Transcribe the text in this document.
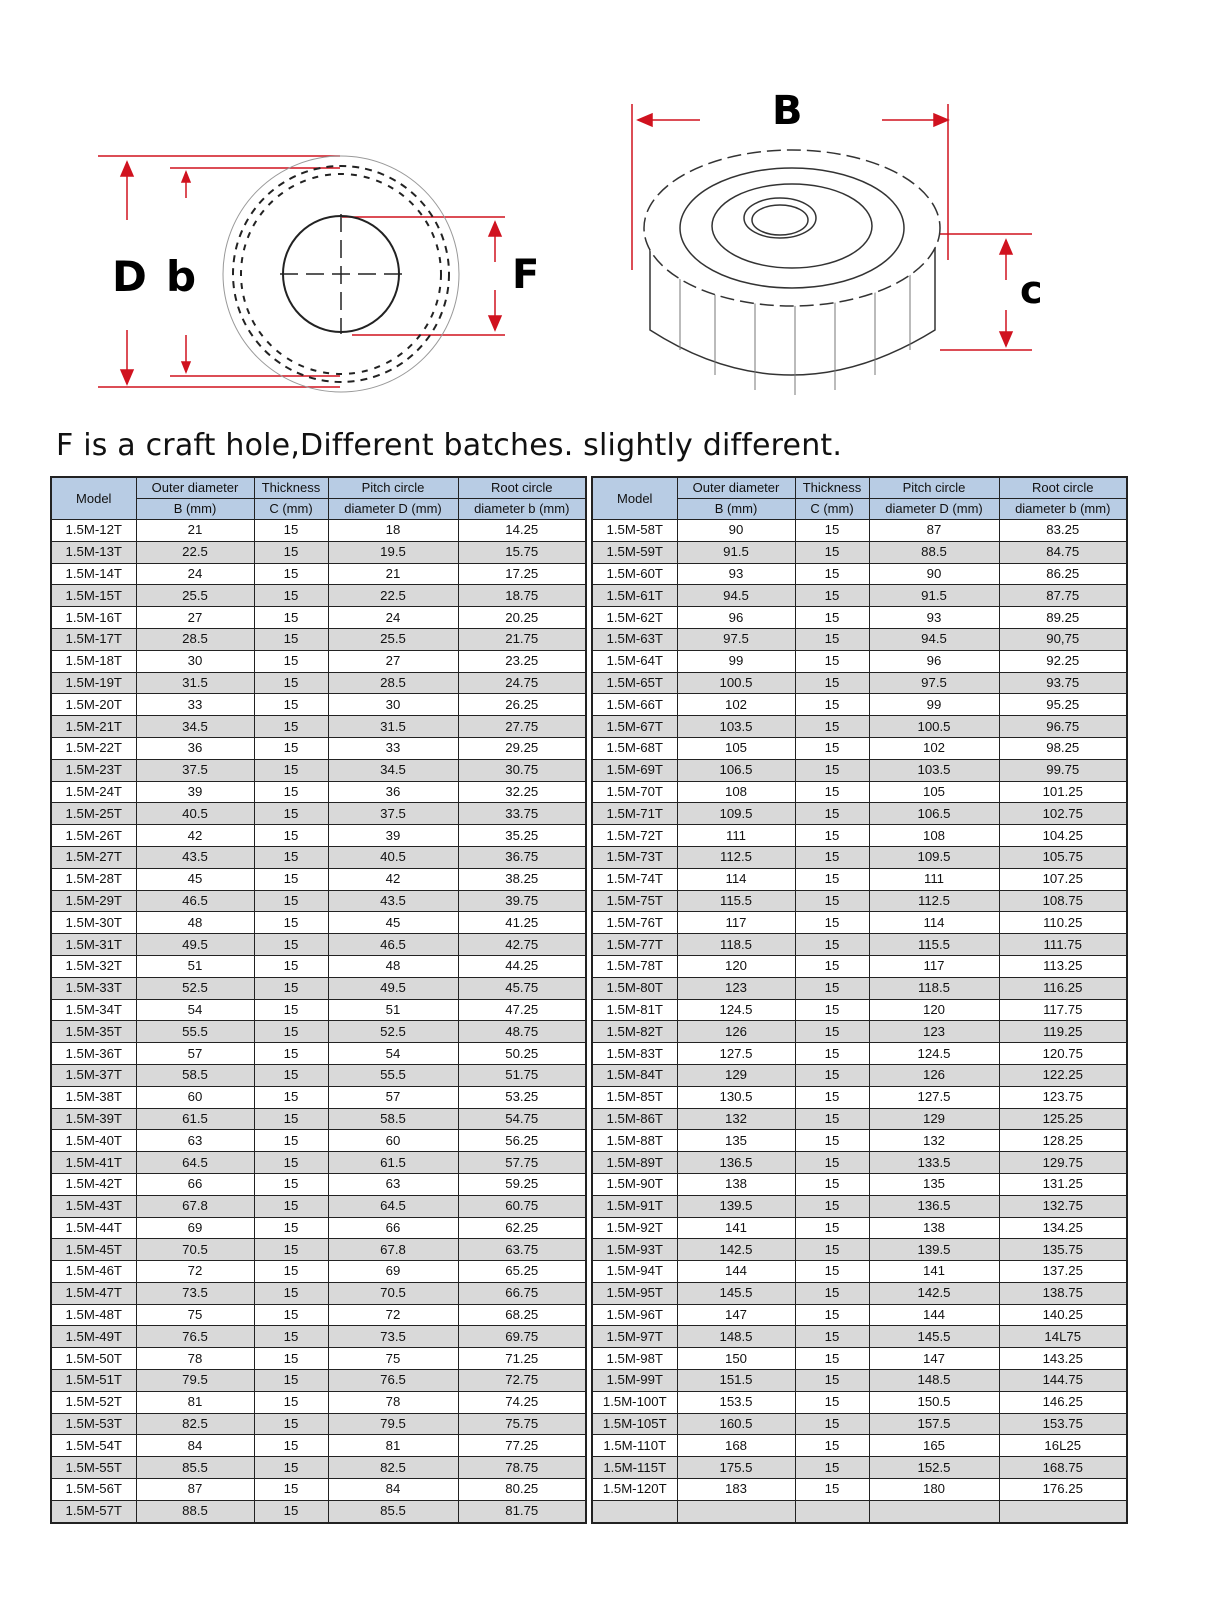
D b	F
B
c
F is a craft hole,Different batches. slightly different.
Model	Outer diameter	Thickness	Pitch circle	Root circle
	B (mm)	C (mm)	diameter D (mm)	diameter b (mm)
1.5M-12T	21	15	18	14.25
1.5M-13T	22.5	15	19.5	15.75
1.5M-14T	24	15	21	17.25
1.5M-15T	25.5	15	22.5	18.75
1.5M-16T	27	15	24	20.25
1.5M-17T	28.5	15	25.5	21.75
1.5M-18T	30	15	27	23.25
1.5M-19T	31.5	15	28.5	24.75
1.5M-20T	33	15	30	26.25
1.5M-21T	34.5	15	31.5	27.75
1.5M-22T	36	15	33	29.25
1.5M-23T	37.5	15	34.5	30.75
1.5M-24T	39	15	36	32.25
1.5M-25T	40.5	15	37.5	33.75
1.5M-26T	42	15	39	35.25
1.5M-27T	43.5	15	40.5	36.75
1.5M-28T	45	15	42	38.25
1.5M-29T	46.5	15	43.5	39.75
1.5M-30T	48	15	45	41.25
1.5M-31T	49.5	15	46.5	42.75
1.5M-32T	51	15	48	44.25
1.5M-33T	52.5	15	49.5	45.75
1.5M-34T	54	15	51	47.25
1.5M-35T	55.5	15	52.5	48.75
1.5M-36T	57	15	54	50.25
1.5M-37T	58.5	15	55.5	51.75
1.5M-38T	60	15	57	53.25
1.5M-39T	61.5	15	58.5	54.75
1.5M-40T	63	15	60	56.25
1.5M-41T	64.5	15	61.5	57.75
1.5M-42T	66	15	63	59.25
1.5M-43T	67.8	15	64.5	60.75
1.5M-44T	69	15	66	62.25
1.5M-45T	70.5	15	67.8	63.75
1.5M-46T	72	15	69	65.25
1.5M-47T	73.5	15	70.5	66.75
1.5M-48T	75	15	72	68.25
1.5M-49T	76.5	15	73.5	69.75
1.5M-50T	78	15	75	71.25
1.5M-51T	79.5	15	76.5	72.75
1.5M-52T	81	15	78	74.25
1.5M-53T	82.5	15	79.5	75.75
1.5M-54T	84	15	81	77.25
1.5M-55T	85.5	15	82.5	78.75
1.5M-56T	87	15	84	80.25
1.5M-57T	88.5	15	85.5	81.75
Model	Outer diameter	Thickness	Pitch circle	Root circle
	B (mm)	C (mm)	diameter D (mm)	diameter b (mm)
1.5M-58T	90	15	87	83.25
1.5M-59T	91.5	15	88.5	84.75
1.5M-60T	93	15	90	86.25
1.5M-61T	94.5	15	91.5	87.75
1.5M-62T	96	15	93	89.25
1.5M-63T	97.5	15	94.5	90,75
1.5M-64T	99	15	96	92.25
1.5M-65T	100.5	15	97.5	93.75
1.5M-66T	102	15	99	95.25
1.5M-67T	103.5	15	100.5	96.75
1.5M-68T	105	15	102	98.25
1.5M-69T	106.5	15	103.5	99.75
1.5M-70T	108	15	105	101.25
1.5M-71T	109.5	15	106.5	102.75
1.5M-72T	111	15	108	104.25
1.5M-73T	112.5	15	109.5	105.75
1.5M-74T	114	15	111	107.25
1.5M-75T	115.5	15	112.5	108.75
1.5M-76T	117	15	114	110.25
1.5M-77T	118.5	15	115.5	111.75
1.5M-78T	120	15	117	113.25
1.5M-80T	123	15	118.5	116.25
1.5M-81T	124.5	15	120	117.75
1.5M-82T	126	15	123	119.25
1.5M-83T	127.5	15	124.5	120.75
1.5M-84T	129	15	126	122.25
1.5M-85T	130.5	15	127.5	123.75
1.5M-86T	132	15	129	125.25
1.5M-88T	135	15	132	128.25
1.5M-89T	136.5	15	133.5	129.75
1.5M-90T	138	15	135	131.25
1.5M-91T	139.5	15	136.5	132.75
1.5M-92T	141	15	138	134.25
1.5M-93T	142.5	15	139.5	135.75
1.5M-94T	144	15	141	137.25
1.5M-95T	145.5	15	142.5	138.75
1.5M-96T	147	15	144	140.25
1.5M-97T	148.5	15	145.5	14L75
1.5M-98T	150	15	147	143.25
1.5M-99T	151.5	15	148.5	144.75
1.5M-100T	153.5	15	150.5	146.25
1.5M-105T	160.5	15	157.5	153.75
1.5M-110T	168	15	165	16L25
1.5M-115T	175.5	15	152.5	168.75
1.5M-120T	183	15	180	176.25
